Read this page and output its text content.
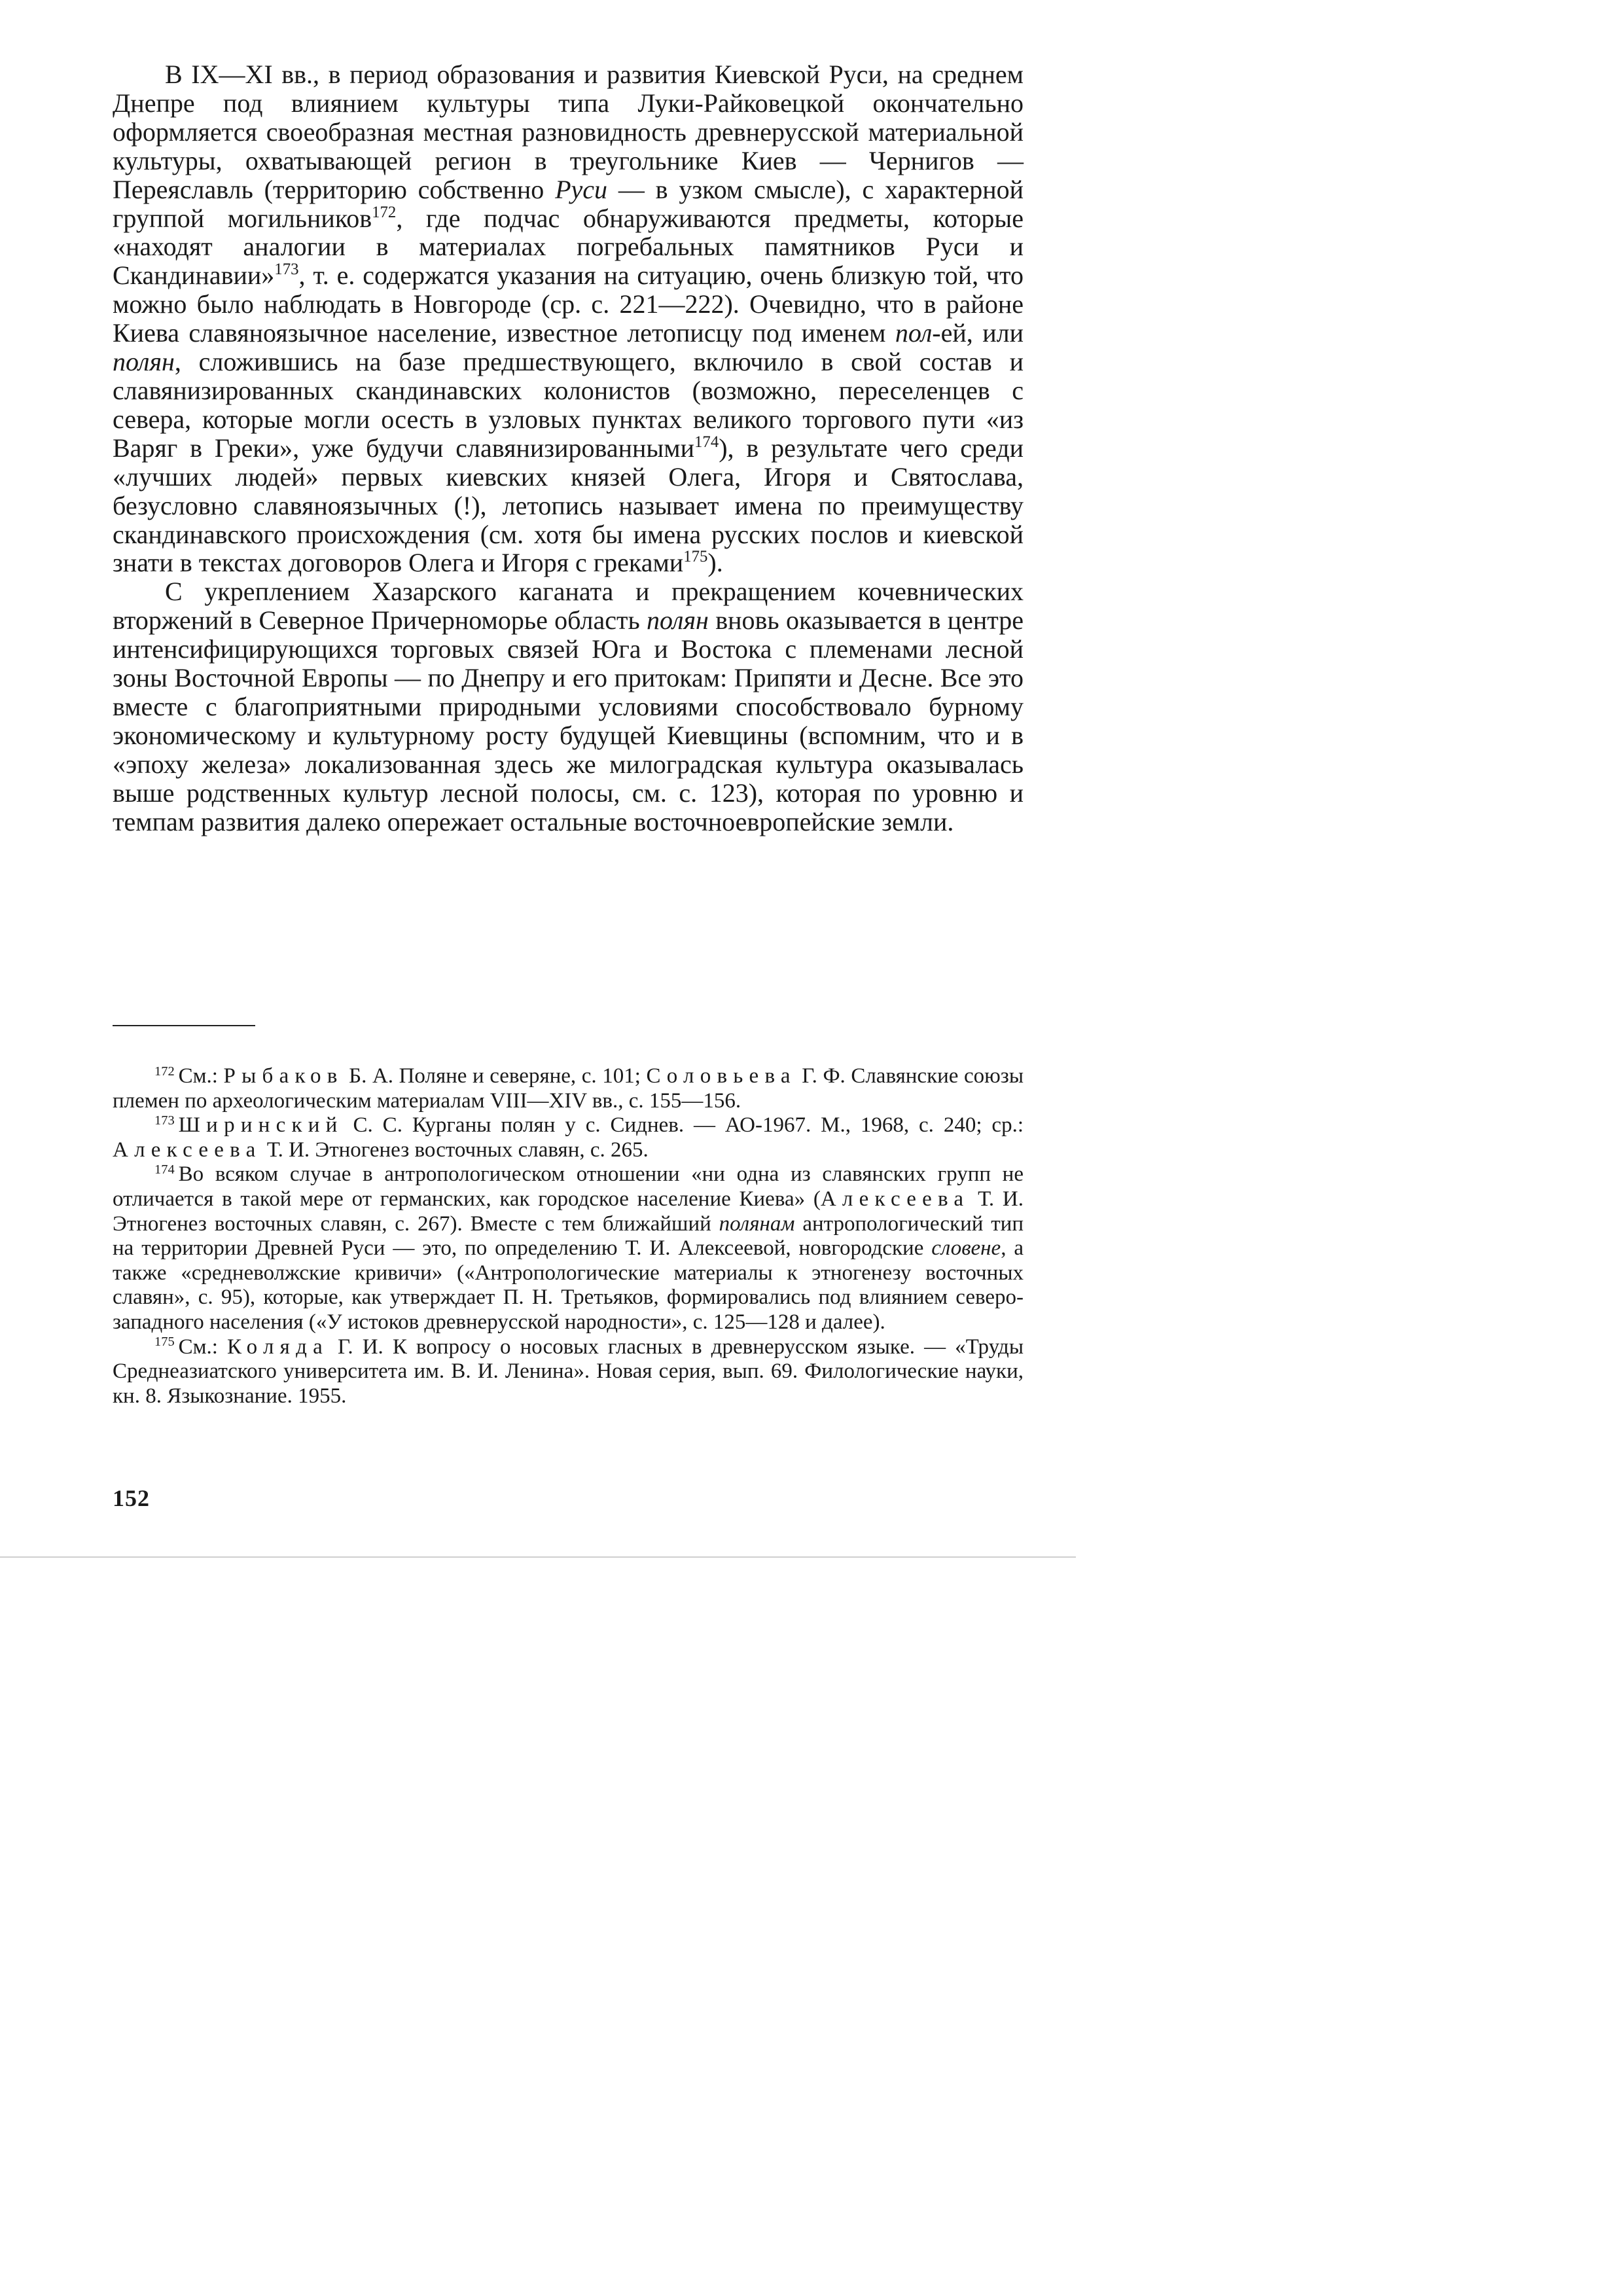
В IX—XI вв., в период образования и развития Киевской Руси, на среднем Днепре под влиянием культуры типа Луки-Райковецкой окончательно оформляется своеобразная местная разновидность древнерусской материальной культуры, охватывающей регион в треугольнике Киев — Чернигов — Переяславль (территорию собственно Руси — в узком смысле), с характерной группой могильников$^{172}$, где подчас обнаруживаются предметы, которые «находят аналогии в материалах погребальных памятников Руси и Скандинавии»$^{173}$, т. е. содержатся указания на ситуацию, очень близкую той, что можно было наблюдать в Новгороде (ср. с. 221—222). Очевидно, что в районе Киева славяноязычное население, известное летописцу под именем пол-ей, или полян, сложившись на базе предшествующего, включило в свой состав и славянизированных скандинавских колонистов (возможно, переселенцев с севера, которые могли осесть в узловых пунктах великого торгового пути «из Варяг в Греки», уже будучи славянизированными$^{174}$), в результате чего среди «лучших людей» первых киевских князей Олега, Игоря и Святослава, безусловно славяноязычных (!), летопись называет имена по преимуществу скандинавского происхождения (см. хотя бы имена русских послов и киевской знати в текстах договоров Олега и Игоря с греками$^{175}$).

С укреплением Хазарского каганата и прекращением кочевнических вторжений в Северное Причерноморье область полян вновь оказывается в центре интенсифицирующихся торговых связей Юга и Востока с племенами лесной зоны Восточной Европы — по Днепру и его притокам: Припяти и Десне. Все это вместе с благоприятными природными условиями способствовало бурному экономическому и культурному росту будущей Киевщины (вспомним, что и в «эпоху железа» локализованная здесь же милоградская культура оказывалась выше родственных культур лесной полосы, см. с. 123), которая по уровню и темпам развития далеко опережает остальные восточноевропейские земли.

$^{172}$ См.: Рыбаков Б. А. Поляне и северяне, с. 101; Соловьева Г. Ф. Славянские союзы племен по археологическим материалам VIII—XIV вв., с. 155—156.

$^{173}$ Ширинский С. С. Курганы полян у с. Сиднев. — АО-1967. М., 1968, с. 240; ср.: Алексеева Т. И. Этногенез восточных славян, с. 265.

$^{174}$ Во всяком случае в антропологическом отношении «ни одна из славянских групп не отличается в такой мере от германских, как городское население Киева» (Алексеева Т. И. Этногенез восточных славян, с. 267). Вместе с тем ближайший полянам антропологический тип на территории Древней Руси — это, по определению Т. И. Алексеевой, новгородские словене, а также «средневолжские кривичи» («Антропологические материалы к этногенезу восточных славян», с. 95), которые, как утверждает П. Н. Третьяков, формировались под влиянием северо-западного населения («У истоков древнерусской народности», с. 125—128 и далее).

$^{175}$ См.: Коляда Г. И. К вопросу о носовых гласных в древнерусском языке. — «Труды Среднеазиатского университета им. В. И. Ленина». Новая серия, вып. 69. Филологические науки, кн. 8. Языкознание. 1955.

152
